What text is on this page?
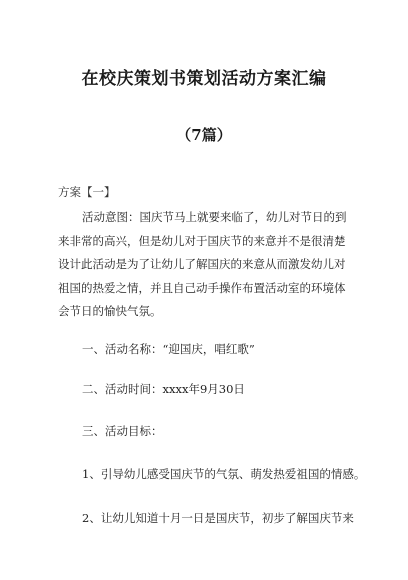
在校庆策划书策划活动方案汇编
（7篇）
方案【一】
活动意图：国庆节马上就要来临了，幼儿对节日的到
来非常的高兴，但是幼儿对于国庆节的来意并不是很清楚
设计此活动是为了让幼儿了解国庆的来意从而激发幼儿对
祖国的热爱之情，并且自己动手操作布置活动室的环境体
会节日的愉快气氛。
一、活动名称：“迎国庆，唱红歌”
二、活动时间：xxxx年9月30日
三、活动目标：
1、引导幼儿感受国庆节的气氛、萌发热爱祖国的情感。
2、让幼儿知道十月一日是国庆节，初步了解国庆节来
